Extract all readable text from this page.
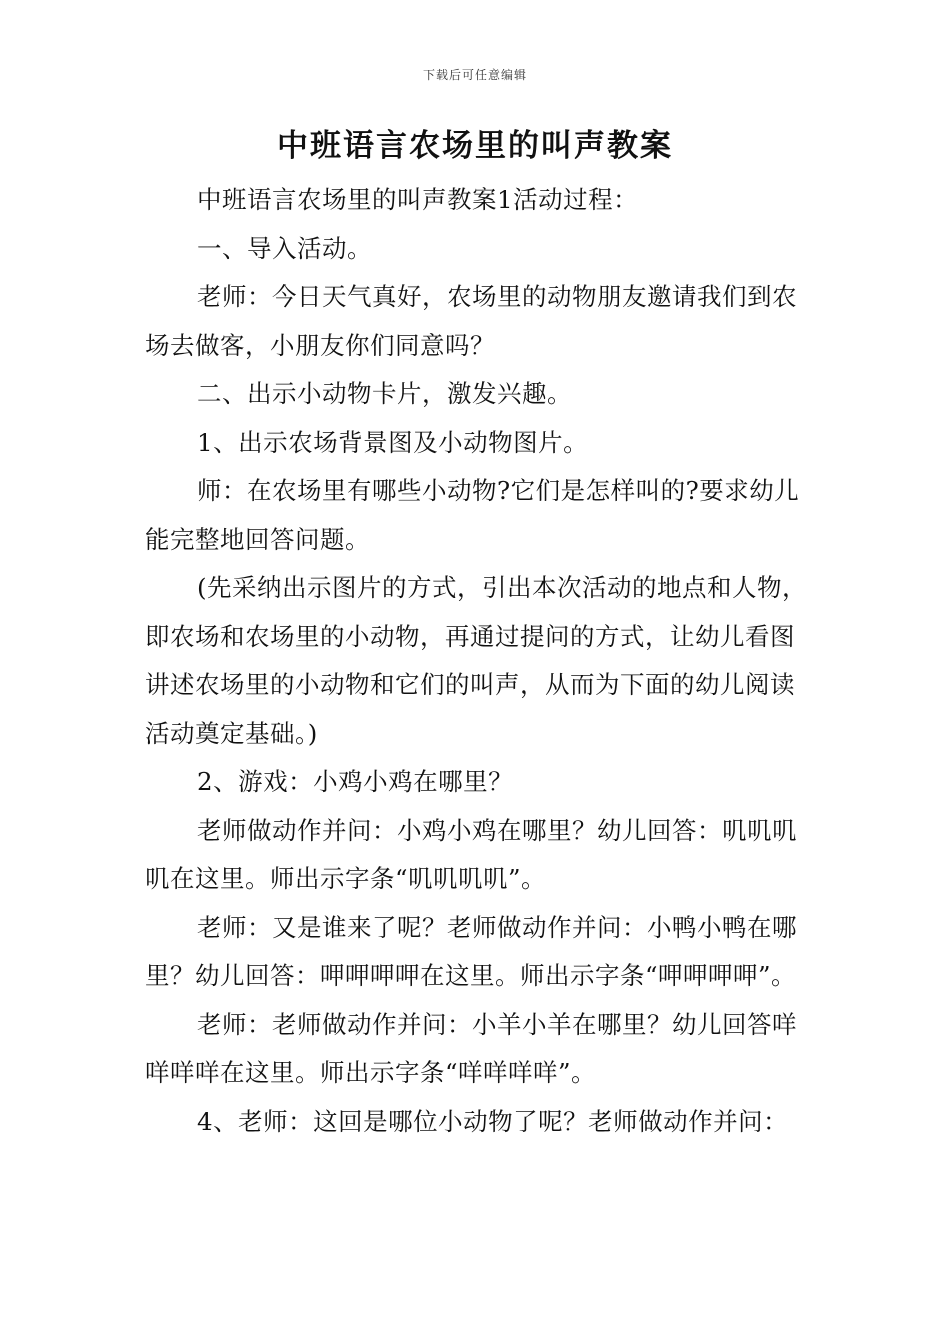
下载后可任意编辑
中班语言农场里的叫声教案

中班语言农场里的叫声教案1活动过程：

一、导入活动。

老师：今日天气真好，农场里的动物朋友邀请我们到农场去做客，小朋友你们同意吗？

二、出示小动物卡片，激发兴趣。

1、出示农场背景图及小动物图片。

师：在农场里有哪些小动物?它们是怎样叫的?要求幼儿能完整地回答问题。

(先采纳出示图片的方式，引出本次活动的地点和人物，即农场和农场里的小动物，再通过提问的方式，让幼儿看图讲述农场里的小动物和它们的叫声，从而为下面的幼儿阅读活动奠定基础。)

2、游戏：小鸡小鸡在哪里？

老师做动作并问：小鸡小鸡在哪里？幼儿回答：叽叽叽叽在这里。师出示字条“叽叽叽叽”。

老师：又是谁来了呢？老师做动作并问：小鸭小鸭在哪里？幼儿回答：呷呷呷呷在这里。师出示字条“呷呷呷呷”。

老师：老师做动作并问：小羊小羊在哪里？幼儿回答咩咩咩咩在这里。师出示字条“咩咩咩咩”。

4、老师：这回是哪位小动物了呢？老师做动作并问：
